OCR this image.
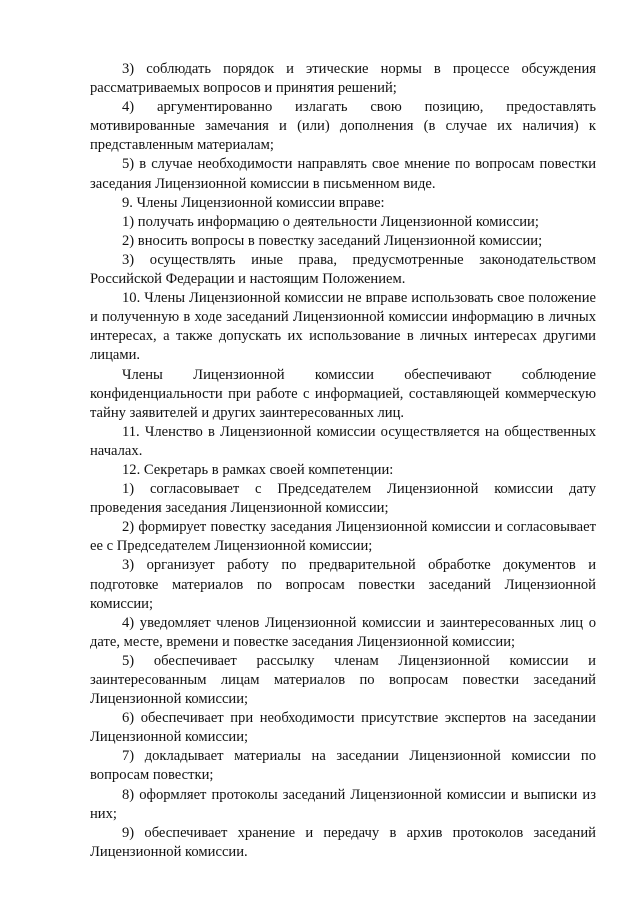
3) соблюдать порядок и этические нормы в процессе обсуждения рассматриваемых вопросов и принятия решений;

4) аргументированно излагать свою позицию, предоставлять мотивированные замечания и (или) дополнения (в случае их наличия) к представленным материалам;

5) в случае необходимости направлять свое мнение по вопросам повестки заседания Лицензионной комиссии в письменном виде.

9. Члены Лицензионной комиссии вправе:

1) получать информацию о деятельности Лицензионной комиссии;

2) вносить вопросы в повестку заседаний Лицензионной комиссии;

3) осуществлять иные права, предусмотренные законодательством Российской Федерации и настоящим Положением.

10. Члены Лицензионной комиссии не вправе использовать свое положение и полученную в ходе заседаний Лицензионной комиссии информацию в личных интересах, а также допускать их использование в личных интересах другими лицами.

Члены Лицензионной комиссии обеспечивают соблюдение конфиденциальности при работе с информацией, составляющей коммерческую тайну заявителей и других заинтересованных лиц.

11. Членство в Лицензионной комиссии осуществляется на общественных началах.

12. Секретарь в рамках своей компетенции:

1) согласовывает с Председателем Лицензионной комиссии дату проведения заседания Лицензионной комиссии;

2) формирует повестку заседания Лицензионной комиссии и согласовывает ее с Председателем Лицензионной комиссии;

3) организует работу по предварительной обработке документов и подготовке материалов по вопросам повестки заседаний Лицензионной комиссии;

4) уведомляет членов Лицензионной комиссии и заинтересованных лиц о дате, месте, времени и повестке заседания Лицензионной комиссии;

5) обеспечивает рассылку членам Лицензионной комиссии и заинтересованным лицам материалов по вопросам повестки заседаний Лицензионной комиссии;

6) обеспечивает при необходимости присутствие экспертов на заседании Лицензионной комиссии;

7) докладывает материалы на заседании Лицензионной комиссии по вопросам повестки;

8) оформляет протоколы заседаний Лицензионной комиссии и выписки из них;

9) обеспечивает хранение и передачу в архив протоколов заседаний Лицензионной комиссии.
